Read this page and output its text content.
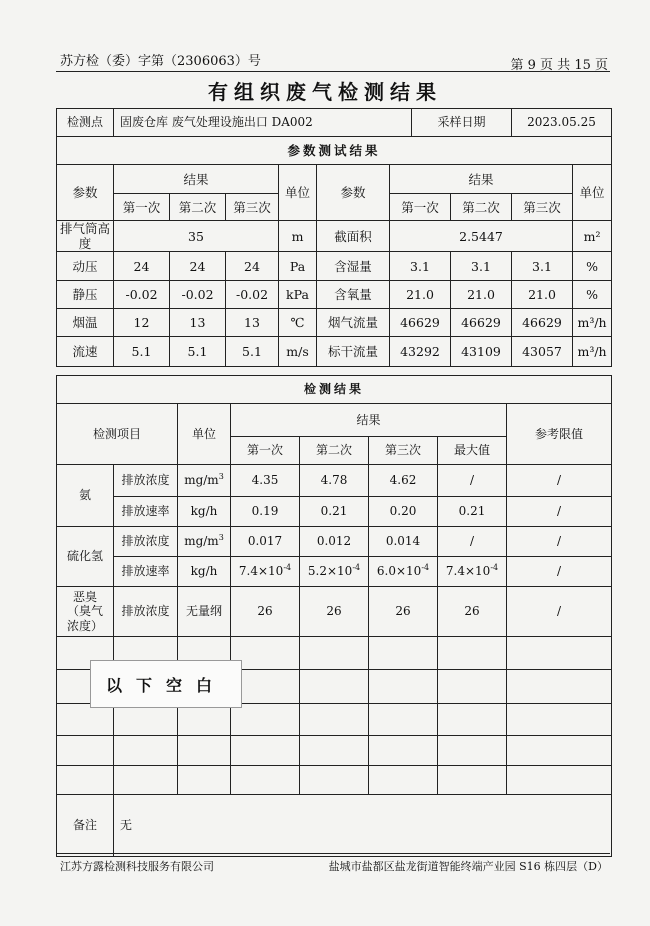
苏方检（委）字第（2306063）号	第 9 页 共 15 页
有组织废气检测结果
检测点	固废仓库 废气处理设施出口 DA002	采样日期	2023.05.25
参数测试结果									
参数	结果			单位	参数	结果			单位
	第一次	第二次	第三次			第一次	第二次	第三次	
排气筒高度	35			m	截面积	2.5447			m²
动压	24	24	24	Pa	含湿量	3.1	3.1	3.1	%
静压	-0.02	-0.02	-0.02	kPa	含氧量	21.0	21.0	21.0	%
烟温	12	13	13	℃	烟气流量	46629	46629	46629	m³/h
流速	5.1	5.1	5.1	m/s	标干流量	43292	43109	43057	m³/h
检测结果							
检测项目		单位	结果				参考限值
			第一次	第二次	第三次	最大值	
氨	排放浓度	$mg/m^3$	4.35	4.78	4.62	/	/
	排放速率	kg/h	0.19	0.21	0.20	0.21	/
硫化氢	排放浓度	$mg/m^3$	0.017	0.012	0.014	/	/
	排放速率	kg/h	$7.4\times 10^{-4}$	$5.2\times 10^{-4}$	$6.0\times 10^{-4}$	$7.4\times 10^{-4}$	/
恶臭（臭气浓度）	排放浓度	无量纲	26	26	26	26	/

备注	无						
以下空白
江苏方露检测科技服务有限公司	盐城市盐都区盐龙街道智能终端产业园 S16 栋四层（D）
